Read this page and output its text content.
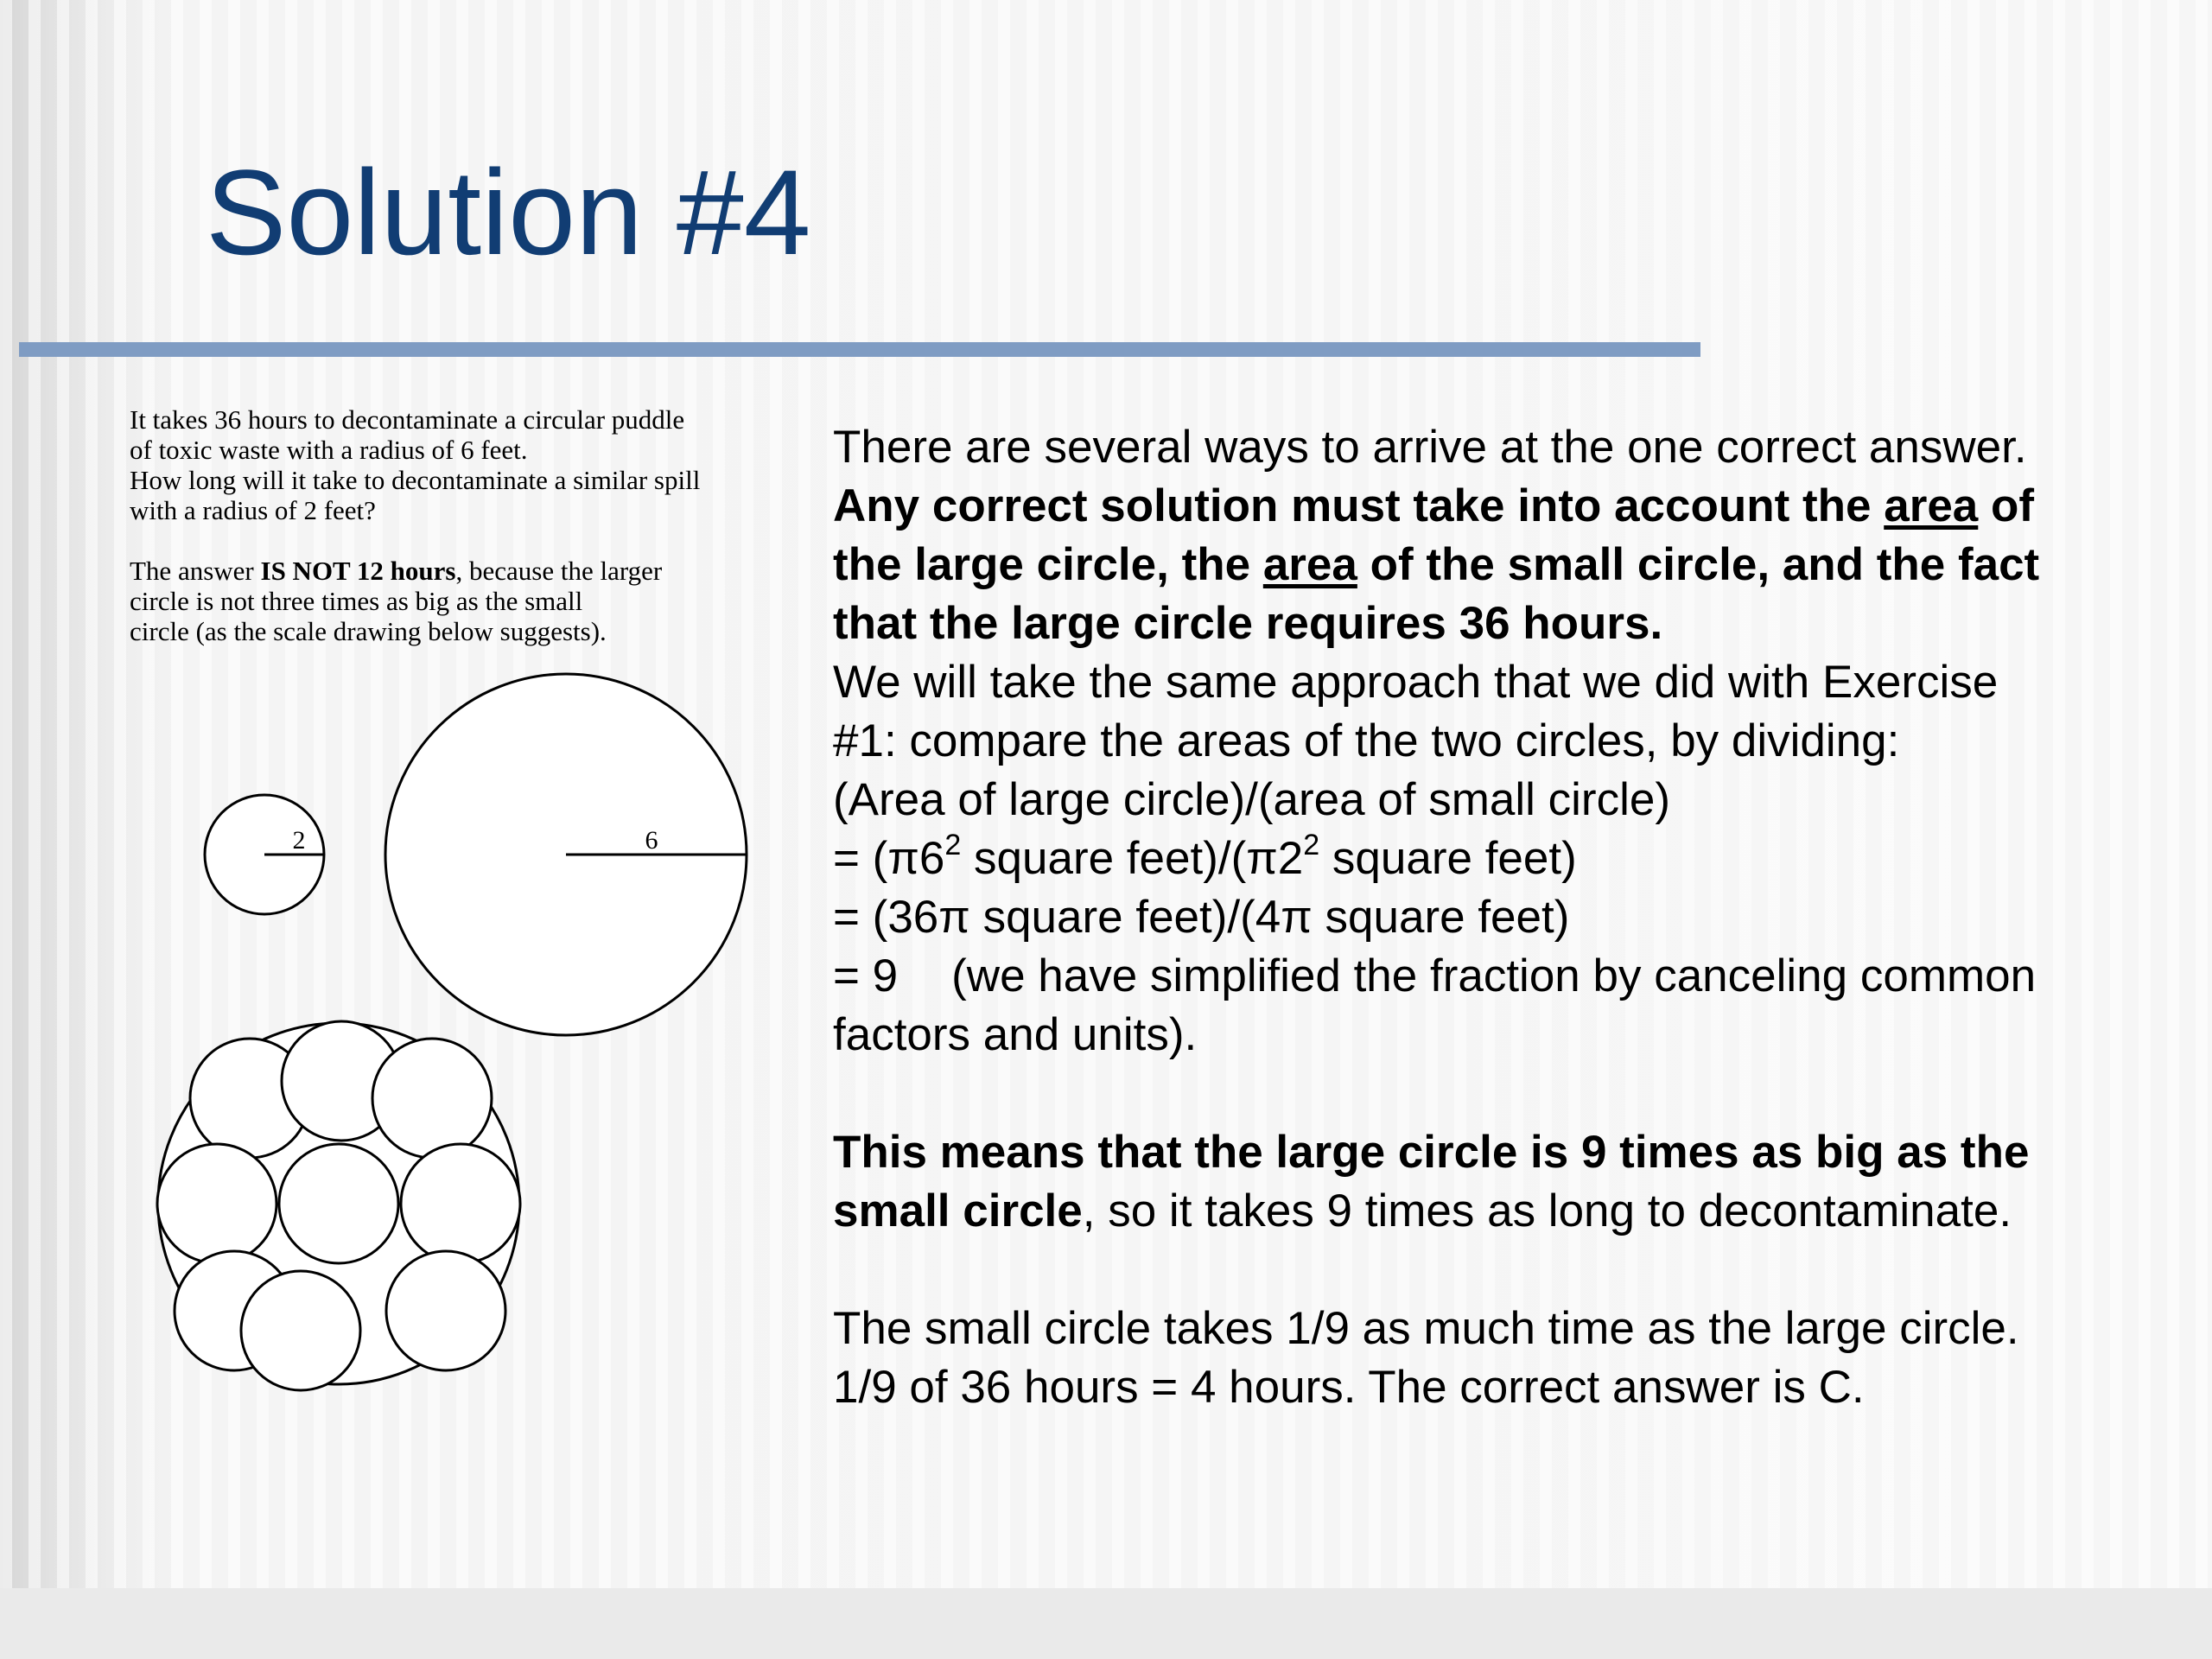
Solution #4

It takes 36 hours to decontaminate a circular puddle

of toxic waste with a radius of 6 feet.

How long will it take to decontaminate a similar spill

with a radius of 2 feet?

The answer IS NOT 12 hours, because the larger

circle is not three times as big as the small

circle (as the scale drawing below suggests).

2	6

There are several ways to arrive at the one correct answer.

Any correct solution must take into account the area of

the large circle, the area of the small circle, and the fact

that the large circle requires 36 hours.

We will take the same approach that we did with Exercise

#1: compare the areas of the two circles, by dividing:

(Area of large circle)/(area of small circle)

= ($\pi 6^2$ square $feet)/(\pi 2^2$ square feet)

= (36π square feet)/(4π square feet)

= 9 (we have simplified the fraction by canceling common

factors and units).

This means that the large circle is 9 times as big as the

small circle, so it takes 9 times as long to decontaminate.

The small circle takes 1/9 as much time as the large circle.

1/9 of 36 hours = 4 hours. The correct answer is C.
